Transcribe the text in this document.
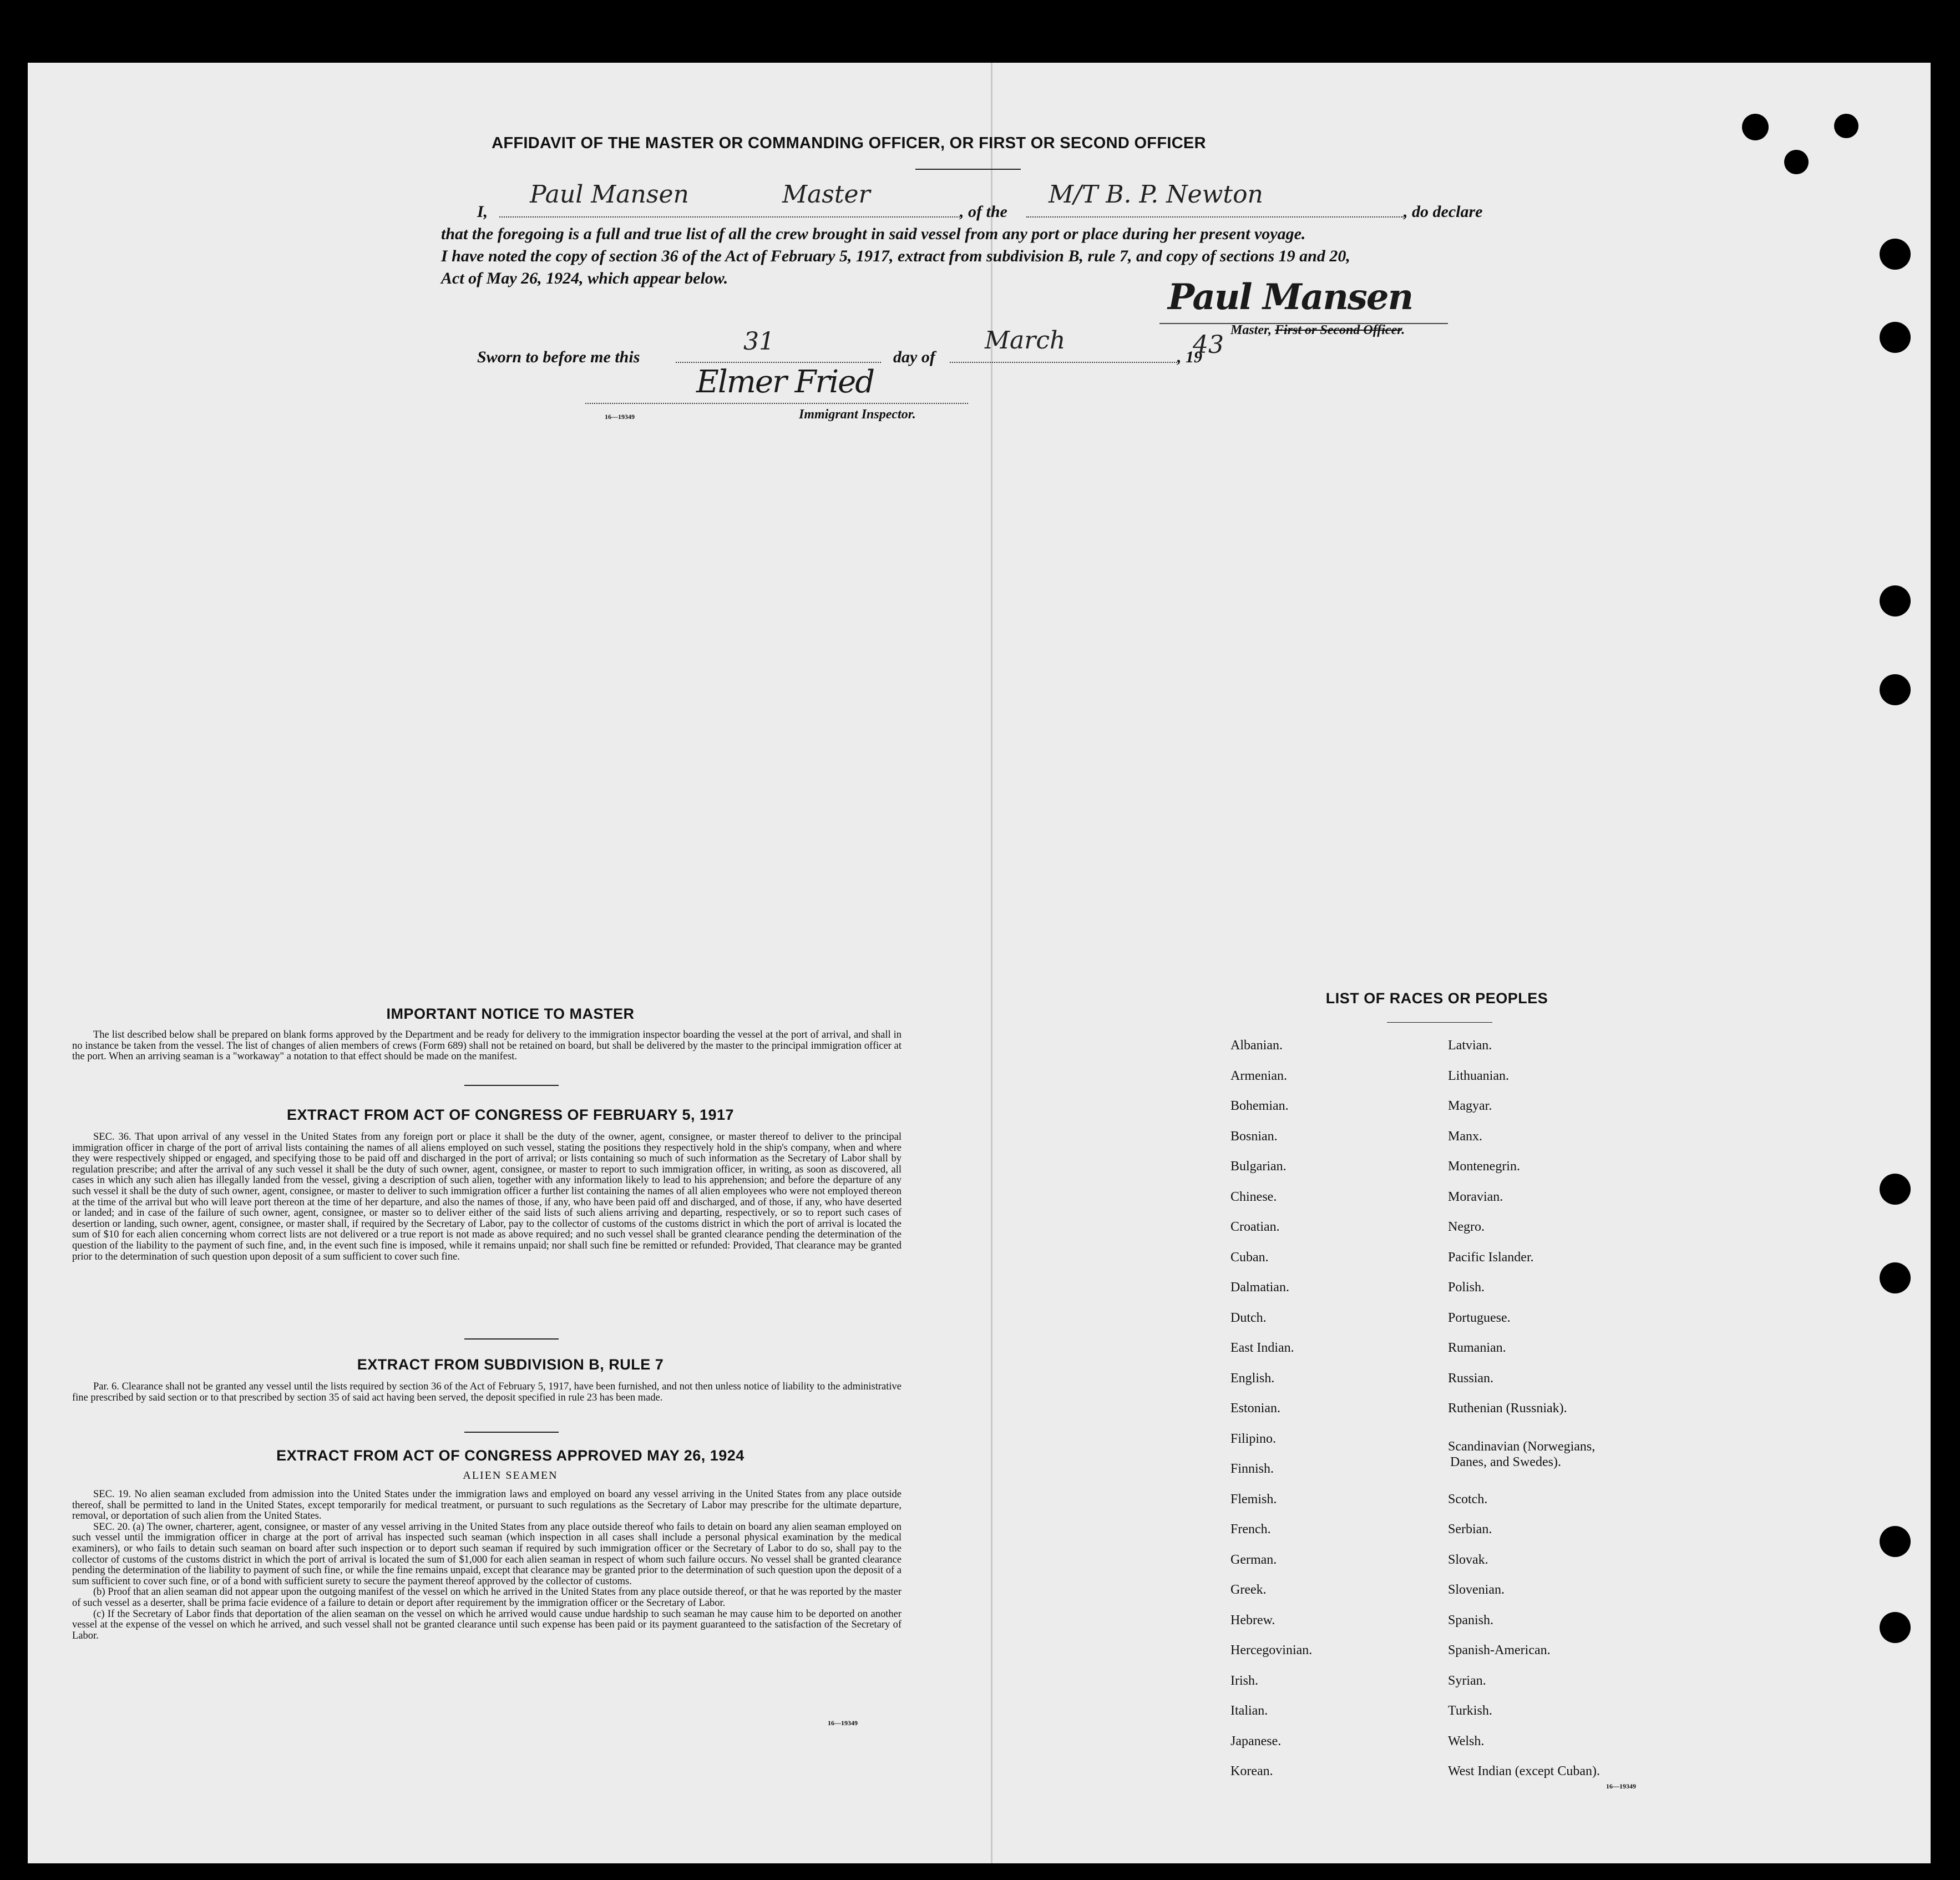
AFFIDAVIT OF THE MASTER OR COMMANDING OFFICER, OR FIRST OR SECOND OFFICER
I,
Paul Mansen	Master
, of the
M/T B. P. Newton
, do declare
that the foregoing is a full and true list of all the crew brought in said vessel from any port or place during her present voyage.
I have noted the copy of section 36 of the Act of February 5, 1917, extract from subdivision B, rule 7, and copy of sections 19 and 20,
Act of May 26, 1924, which appear below.	Paul Mansen
Master, First or Second Officer.
Sworn to before me this
31
day of
March
, 19
43
Elmer Fried
16—19349	Immigrant Inspector.
IMPORTANT NOTICE TO MASTER

The list described below shall be prepared on blank forms approved by the Department and be ready for delivery to the immigration inspector boarding the vessel at the port of arrival, and shall in no instance be taken from the vessel. The list of changes of alien members of crews (Form 689) shall not be retained on board, but shall be delivered by the master to the principal immigration officer at the port. When an arriving seaman is a "workaway" a notation to that effect should be made on the manifest.

EXTRACT FROM ACT OF CONGRESS OF FEBRUARY 5, 1917

SEC. 36. That upon arrival of any vessel in the United States from any foreign port or place it shall be the duty of the owner, agent, consignee, or master thereof to deliver to the principal immigration officer in charge of the port of arrival lists containing the names of all aliens employed on such vessel, stating the positions they respectively hold in the ship's company, when and where they were respectively shipped or engaged, and specifying those to be paid off and discharged in the port of arrival; or lists containing so much of such information as the Secretary of Labor shall by regulation prescribe; and after the arrival of any such vessel it shall be the duty of such owner, agent, consignee, or master to report to such immigration officer, in writing, as soon as discovered, all cases in which any such alien has illegally landed from the vessel, giving a description of such alien, together with any information likely to lead to his apprehension; and before the departure of any such vessel it shall be the duty of such owner, agent, consignee, or master to deliver to such immigration officer a further list containing the names of all alien employees who were not employed thereon at the time of the arrival but who will leave port thereon at the time of her departure, and also the names of those, if any, who have been paid off and discharged, and of those, if any, who have deserted or landed; and in case of the failure of such owner, agent, consignee, or master so to deliver either of the said lists of such aliens arriving and departing, respectively, or so to report such cases of desertion or landing, such owner, agent, consignee, or master shall, if required by the Secretary of Labor, pay to the collector of customs of the customs district in which the port of arrival is located the sum of $10 for each alien concerning whom correct lists are not delivered or a true report is not made as above required; and no such vessel shall be granted clearance pending the determination of the question of the liability to the payment of such fine, and, in the event such fine is imposed, while it remains unpaid; nor shall such fine be remitted or refunded: Provided, That clearance may be granted prior to the determination of such question upon deposit of a sum sufficient to cover such fine.

EXTRACT FROM SUBDIVISION B, RULE 7

Par. 6. Clearance shall not be granted any vessel until the lists required by section 36 of the Act of February 5, 1917, have been furnished, and not then unless notice of liability to the administrative fine prescribed by said section or to that prescribed by section 35 of said act having been served, the deposit specified in rule 23 has been made.

EXTRACT FROM ACT OF CONGRESS APPROVED MAY 26, 1924
ALIEN SEAMEN

SEC. 19. No alien seaman excluded from admission into the United States under the immigration laws and employed on board any vessel arriving in the United States from any place outside thereof, shall be permitted to land in the United States, except temporarily for medical treatment, or pursuant to such regulations as the Secretary of Labor may prescribe for the ultimate departure, removal, or deportation of such alien from the United States.

SEC. 20. (a) The owner, charterer, agent, consignee, or master of any vessel arriving in the United States from any place outside thereof who fails to detain on board any alien seaman employed on such vessel until the immigration officer in charge at the port of arrival has inspected such seaman (which inspection in all cases shall include a personal physical examination by the medical examiners), or who fails to detain such seaman on board after such inspection or to deport such seaman if required by such immigration officer or the Secretary of Labor to do so, shall pay to the collector of customs of the customs district in which the port of arrival is located the sum of $1,000 for each alien seaman in respect of whom such failure occurs. No vessel shall be granted clearance pending the determination of the liability to payment of such fine, or while the fine remains unpaid, except that clearance may be granted prior to the determination of such question upon the deposit of a sum sufficient to cover such fine, or of a bond with sufficient surety to secure the payment thereof approved by the collector of customs.

(b) Proof that an alien seaman did not appear upon the outgoing manifest of the vessel on which he arrived in the United States from any place outside thereof, or that he was reported by the master of such vessel as a deserter, shall be prima facie evidence of a failure to detain or deport after requirement by the immigration officer or the Secretary of Labor.

(c) If the Secretary of Labor finds that deportation of the alien seaman on the vessel on which he arrived would cause undue hardship to such seaman he may cause him to be deported on another vessel at the expense of the vessel on which he arrived, and such vessel shall not be granted clearance until such expense has been paid or its payment guaranteed to the satisfaction of the Secretary of Labor.

16—19349
LIST OF RACES OR PEOPLES
Albanian.
Armenian.
Bohemian.
Bosnian.
Bulgarian.
Chinese.
Croatian.
Cuban.
Dalmatian.
Dutch.
East Indian.
English.
Estonian.
Filipino.
Finnish.
Flemish.
French.
German.
Greek.
Hebrew.
Hercegovinian.
Irish.
Italian.
Japanese.
Korean.
Latvian.
Lithuanian.
Magyar.
Manx.
Montenegrin.
Moravian.
Negro.
Pacific Islander.
Polish.
Portuguese.
Rumanian.
Russian.
Ruthenian (Russniak).
Scandinavian (Norwegians,
Danes, and Swedes).
Scotch.
Serbian.
Slovak.
Slovenian.
Spanish.
Spanish-American.
Syrian.
Turkish.
Welsh.
West Indian (except Cuban).
16—19349
